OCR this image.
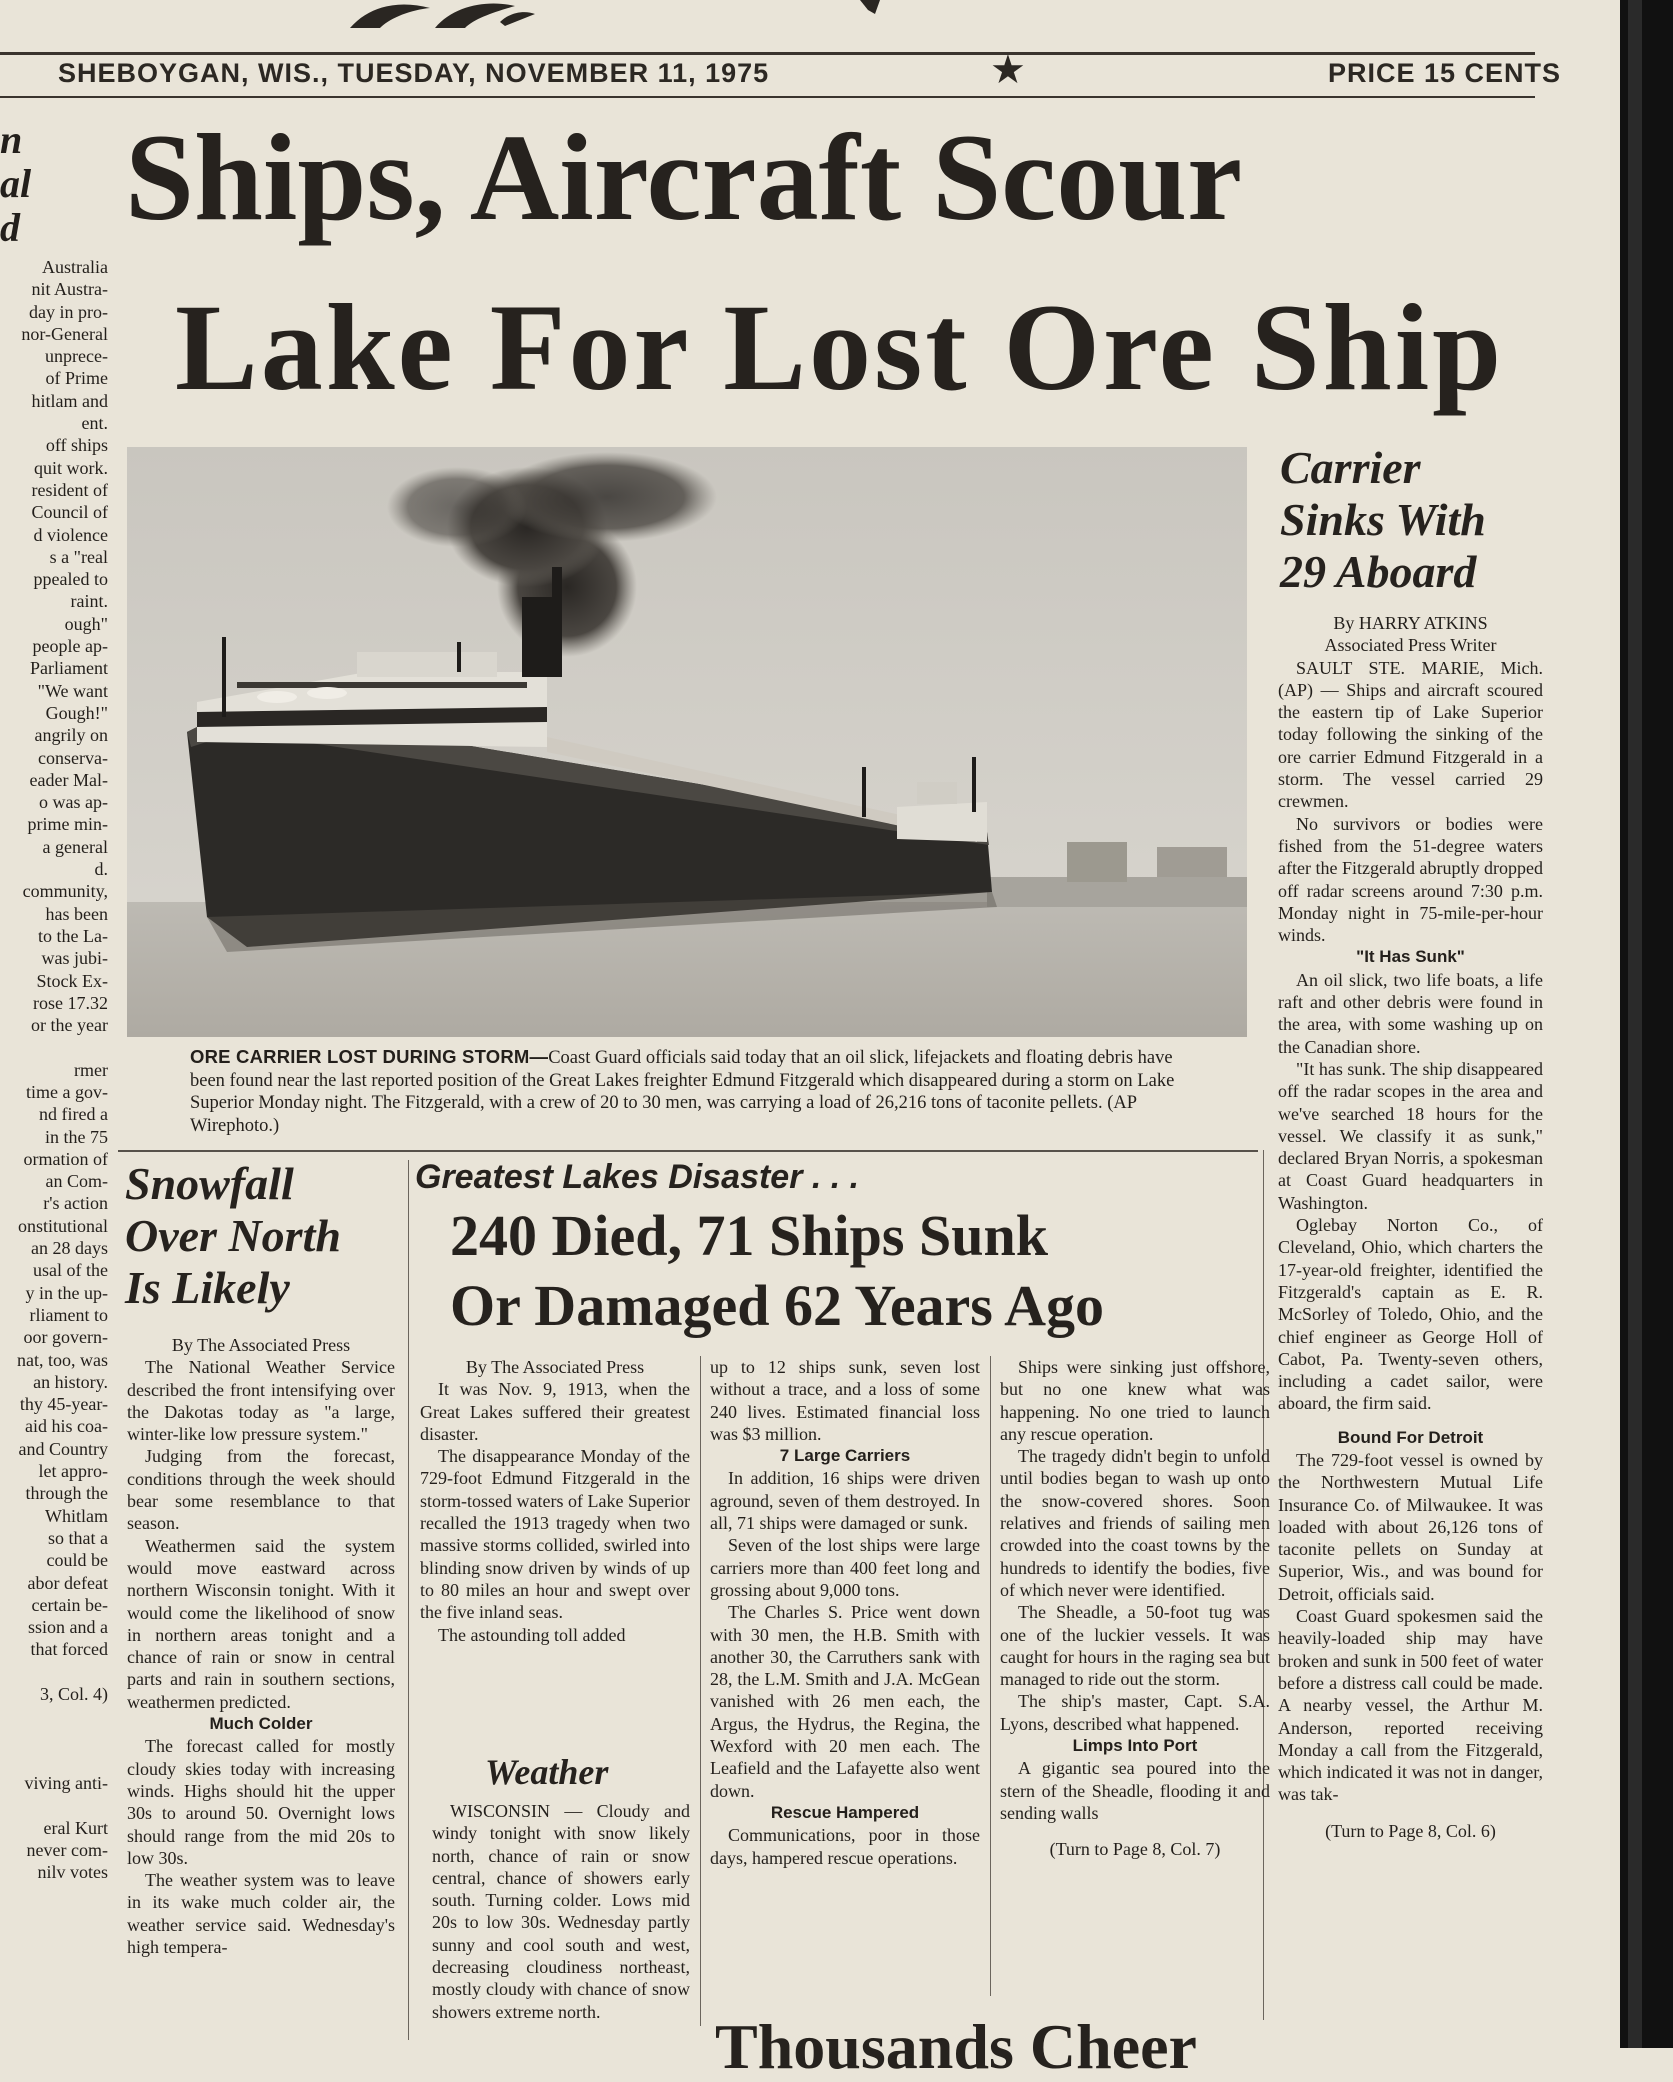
SHEBOYGAN, WIS., TUESDAY, NOVEMBER 11, 1975	★	PRICE 15 CENTS
n
al
d
Australia
nit Austra-
day in pro-
nor-General
unprece-
of Prime
hitlam and
ent.
off ships
quit work.
resident of
Council of
d violence
s a "real
ppealed to
raint.
ough"
people ap-
Parliament
"We want
Gough!"
angrily on
conserva-
eader Mal-
o was ap-
prime min-
a general
d.
community,
has been
to the La-
was jubi-
Stock Ex-
rose 17.32
or the year
rmer
time a gov-
nd fired a
in the 75
ormation of
an Com-
r's action
onstitutional
an 28 days
usal of the
y in the up-
rliament to
oor govern-
nat, too, was
an history.
thy 45-year-
aid his coa-
and Country
let appro-
through the
Whitlam
so that a
could be
abor defeat
certain be-
ssion and a
that forced
3, Col. 4)
viving anti-
eral Kurt
never com-
nilv votes
Ships, Aircraft Scour
Lake For Lost Ore Ship
ORE CARRIER LOST DURING STORM—Coast Guard officials said today that an oil slick, lifejackets and floating debris have been found near the last reported position of the Great Lakes freighter Edmund Fitzgerald which disappeared during a storm on Lake Superior Monday night. The Fitzgerald, with a crew of 20 to 30 men, was carrying a load of 26,216 tons of taconite pellets. (AP Wirephoto.)
Carrier
Sinks With
29 Aboard

By HARRY ATKINS

Associated Press Writer

SAULT STE. MARIE, Mich. (AP) — Ships and aircraft scoured the eastern tip of Lake Superior today following the sinking of the ore carrier Edmund Fitzgerald in a storm. The vessel carried 29 crewmen.

No survivors or bodies were fished from the 51-degree waters after the Fitzgerald abruptly dropped off radar screens around 7:30 p.m. Monday night in 75-mile-per-hour winds.

"It Has Sunk"

An oil slick, two life boats, a life raft and other debris were found in the area, with some washing up on the Canadian shore.

"It has sunk. The ship disappeared off the radar scopes in the area and we've searched 18 hours for the vessel. We classify it as sunk," declared Bryan Norris, a spokesman at Coast Guard headquarters in Washington.

Oglebay Norton Co., of Cleveland, Ohio, which charters the 17-year-old freighter, identified the Fitzgerald's captain as E. R. McSorley of Toledo, Ohio, and the chief engineer as George Holl of Cabot, Pa. Twenty-seven others, including a cadet sailor, were aboard, the firm said.

Bound For Detroit

The 729-foot vessel is owned by the Northwestern Mutual Life Insurance Co. of Milwaukee. It was loaded with about 26,126 tons of taconite pellets on Sunday at Superior, Wis., and was bound for Detroit, officials said.

Coast Guard spokesmen said the heavily-loaded ship may have broken and sunk in 500 feet of water before a distress call could be made. A nearby vessel, the Arthur M. Anderson, reported receiving Monday a call from the Fitzgerald, which indicated it was not in danger, was tak-

(Turn to Page 8, Col. 6)

Snowfall
Over North
Is Likely

By The Associated Press

The National Weather Service described the front intensifying over the Dakotas today as "a large, winter-like low pressure system."

Judging from the forecast, conditions through the week should bear some resemblance to that season.

Weathermen said the system would move eastward across northern Wisconsin tonight. With it would come the likelihood of snow in northern areas tonight and a chance of rain or snow in central parts and rain in southern sections, weathermen predicted.

Much Colder

The forecast called for mostly cloudy skies today with increasing winds. Highs should hit the upper 30s to around 50. Overnight lows should range from the mid 20s to low 30s.

The weather system was to leave in its wake much colder air, the weather service said. Wednesday's high tempera-

Greatest Lakes Disaster . . .
240 Died, 71 Ships Sunk
Or Damaged 62 Years Ago

By The Associated Press

It was Nov. 9, 1913, when the Great Lakes suffered their greatest disaster.

The disappearance Monday of the 729-foot Edmund Fitzgerald in the storm-tossed waters of Lake Superior recalled the 1913 tragedy when two massive storms collided, swirled into blinding snow driven by winds of up to 80 miles an hour and swept over the five inland seas.

The astounding toll added

Weather

WISCONSIN — Cloudy and windy tonight with snow likely north, chance of rain or snow central, chance of showers early south. Turning colder. Lows mid 20s to low 30s. Wednesday partly sunny and cool south and west, decreasing cloudiness northeast, mostly cloudy with chance of snow showers extreme north.

up to 12 ships sunk, seven lost without a trace, and a loss of some 240 lives. Estimated financial loss was $3 million.

7 Large Carriers

In addition, 16 ships were driven aground, seven of them destroyed. In all, 71 ships were damaged or sunk.

Seven of the lost ships were large carriers more than 400 feet long and grossing about 9,000 tons.

The Charles S. Price went down with 30 men, the H.B. Smith with another 30, the Carruthers sank with 28, the L.M. Smith and J.A. McGean vanished with 26 men each, the Argus, the Hydrus, the Regina, the Wexford with 20 men each. The Leafield and the Lafayette also went down.

Rescue Hampered

Communications, poor in those days, hampered rescue operations.

Ships were sinking just offshore, but no one knew what was happening. No one tried to launch any rescue operation.

The tragedy didn't begin to unfold until bodies began to wash up onto the snow-covered shores. Soon relatives and friends of sailing men crowded into the coast towns by the hundreds to identify the bodies, five of which never were identified.

The Sheadle, a 50-foot tug was one of the luckier vessels. It was caught for hours in the raging sea but managed to ride out the storm.

The ship's master, Capt. S.A. Lyons, described what happened.

Limps Into Port

A gigantic sea poured into the stern of the Sheadle, flooding it and sending walls

(Turn to Page 8, Col. 7)

Thousands Cheer
